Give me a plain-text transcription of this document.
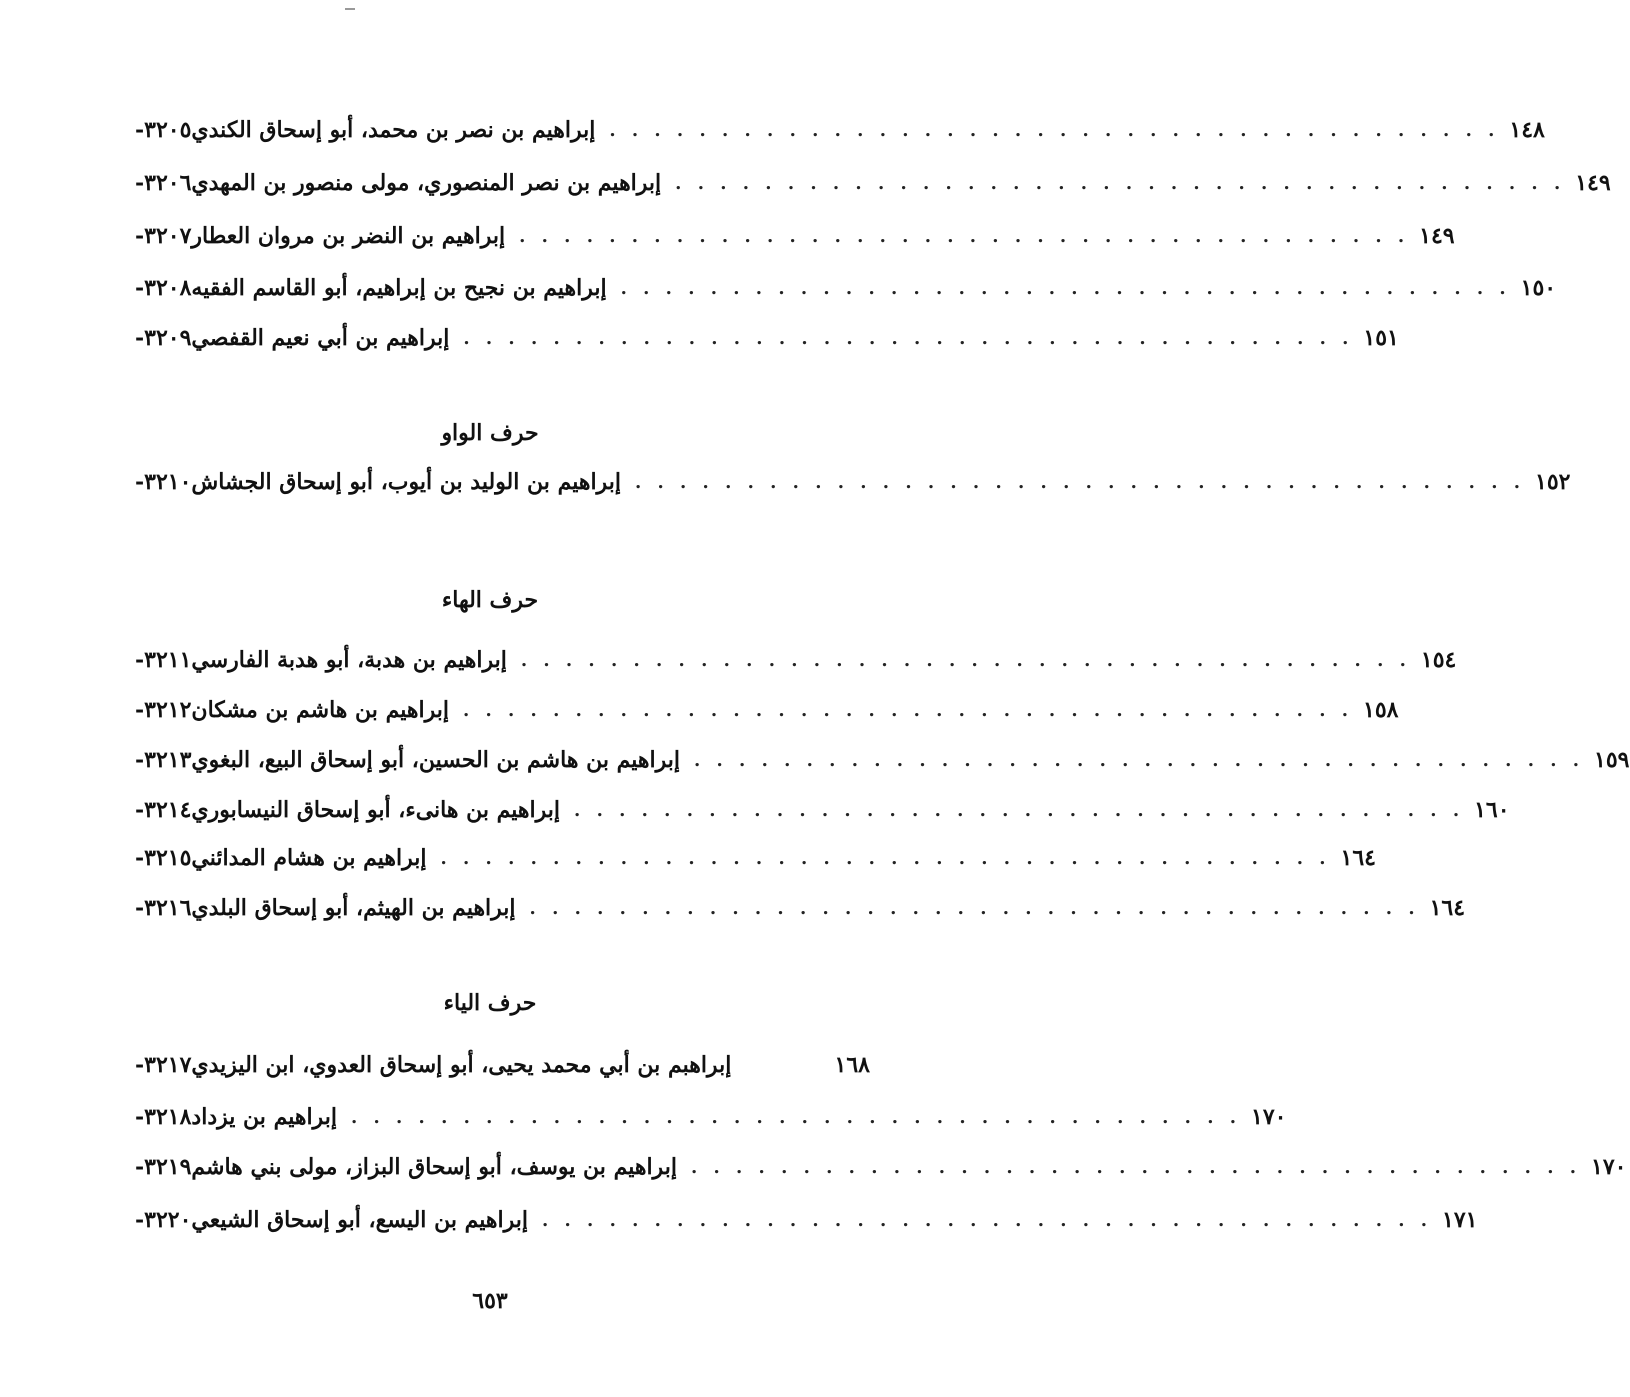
٣٢٠٥- إبراهيم بن نصر بن محمد، أبو إسحاق الكندي . . . . . . . . . . . . . . . . . . . . . . . . . . . . . . . . . . . . . . . . ١٤٨
٣٢٠٦- إبراهيم بن نصر المنصوري، مولى منصور بن المهدي . . . . . . . . . . . . . . . . . . . . . . . . . . . . . . . . . . . . . . . . ١٤٩
٣٢٠٧- إبراهيم بن النضر بن مروان العطار . . . . . . . . . . . . . . . . . . . . . . . . . . . . . . . . . . . . . . . . ١٤٩
٣٢٠٨- إبراهيم بن نجيح بن إبراهيم، أبو القاسم الفقيه . . . . . . . . . . . . . . . . . . . . . . . . . . . . . . . . . . . . . . . . ١٥٠
٣٢٠٩- إبراهيم بن أبي نعيم القفصي . . . . . . . . . . . . . . . . . . . . . . . . . . . . . . . . . . . . . . . . ١٥١
حرف الواو
٣٢١٠- إبراهيم بن الوليد بن أيوب، أبو إسحاق الجشاش . . . . . . . . . . . . . . . . . . . . . . . . . . . . . . . . . . . . . . . . ١٥٢
حرف الهاء
٣٢١١- إبراهيم بن هدبة، أبو هدبة الفارسي . . . . . . . . . . . . . . . . . . . . . . . . . . . . . . . . . . . . . . . . ١٥٤
٣٢١٢- إبراهيم بن هاشم بن مشكان . . . . . . . . . . . . . . . . . . . . . . . . . . . . . . . . . . . . . . . . ١٥٨
٣٢١٣- إبراهيم بن هاشم بن الحسين، أبو إسحاق البيع، البغوي . . . . . . . . . . . . . . . . . . . . . . . . . . . . . . . . . . . . . . . . ١٥٩
٣٢١٤- إبراهيم بن هانىء، أبو إسحاق النيسابوري . . . . . . . . . . . . . . . . . . . . . . . . . . . . . . . . . . . . . . . . ١٦٠
٣٢١٥- إبراهيم بن هشام المدائني . . . . . . . . . . . . . . . . . . . . . . . . . . . . . . . . . . . . . . . . ١٦٤
٣٢١٦- إبراهيم بن الهيثم، أبو إسحاق البلدي . . . . . . . . . . . . . . . . . . . . . . . . . . . . . . . . . . . . . . . . ١٦٤
حرف الياء
٣٢١٧- إبراهبم بن أبي محمد يحيى، أبو إسحاق العدوي، ابن اليزيدي	١٦٨
٣٢١٨- إبراهيم بن يزداد . . . . . . . . . . . . . . . . . . . . . . . . . . . . . . . . . . . . . . . . ١٧٠
٣٢١٩- إبراهيم بن يوسف، أبو إسحاق البزاز، مولى بني هاشم . . . . . . . . . . . . . . . . . . . . . . . . . . . . . . . . . . . . . . . . ١٧٠
٣٢٢٠- إبراهيم بن اليسع، أبو إسحاق الشيعي . . . . . . . . . . . . . . . . . . . . . . . . . . . . . . . . . . . . . . . . ١٧١
٦٥٣
